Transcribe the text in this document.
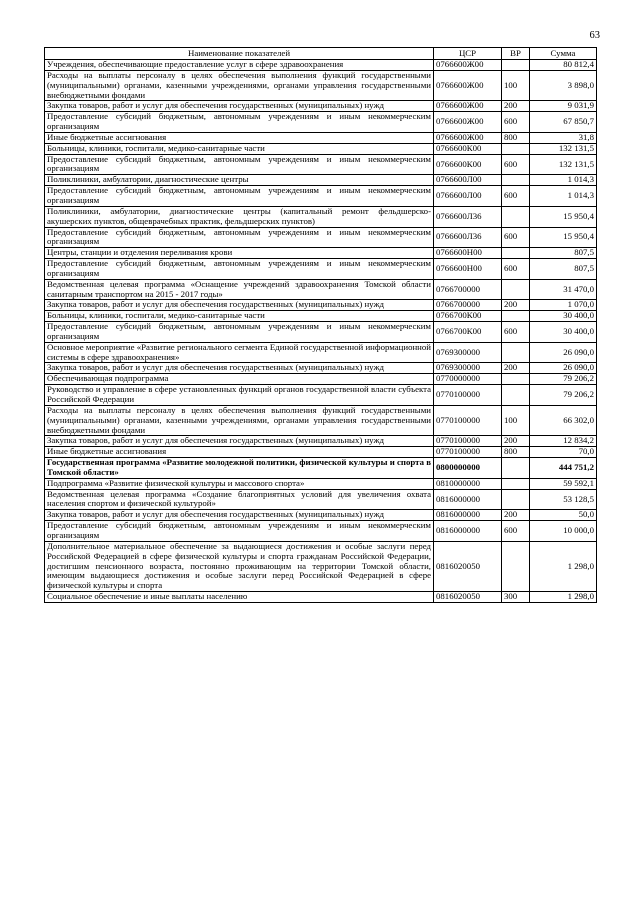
63
Наименование показателей	ЦСР	ВР	Сумма
Учреждения, обеспечивающие предоставление услуг в сфере здравоохранения	0766600Ж00		80 812,4
Расходы на выплаты персоналу в целях обеспечения выполнения функций государственными (муниципальными) органами, казенными учреждениями, органами управления государственными внебюджетными фондами	0766600Ж00	100	3 898,0
Закупка товаров, работ и услуг для обеспечения государственных (муниципальных) нужд	0766600Ж00	200	9 031,9
Предоставление субсидий бюджетным, автономным учреждениям и иным некоммерческим организациям	0766600Ж00	600	67 850,7
Иные бюджетные ассигнования	0766600Ж00	800	31,8
Больницы, клиники, госпитали, медико-санитарные части	0766600К00		132 131,5
Предоставление субсидий бюджетным, автономным учреждениям и иным некоммерческим организациям	0766600К00	600	132 131,5
Поликлиники, амбулатории, диагностические центры	0766600Л00		1 014,3
Предоставление субсидий бюджетным, автономным учреждениям и иным некоммерческим организациям	0766600Л00	600	1 014,3
Поликлиники, амбулатории, диагностические центры (капитальный ремонт фельдшерско-акушерских пунктов, общеврачебных практик, фельдшерских пунктов)	0766600Л36		15 950,4
Предоставление субсидий бюджетным, автономным учреждениям и иным некоммерческим организациям	0766600Л36	600	15 950,4
Центры, станции и отделения переливания крови	0766600Н00		807,5
Предоставление субсидий бюджетным, автономным учреждениям и иным некоммерческим организациям	0766600Н00	600	807,5
Ведомственная целевая программа «Оснащение учреждений здравоохранения Томской области санитарным транспортом на 2015 - 2017 годы»	0766700000		31 470,0
Закупка товаров, работ и услуг для обеспечения государственных (муниципальных) нужд	0766700000	200	1 070,0
Больницы, клиники, госпитали, медико-санитарные части	0766700К00		30 400,0
Предоставление субсидий бюджетным, автономным учреждениям и иным некоммерческим организациям	0766700К00	600	30 400,0
Основное мероприятие «Развитие регионального сегмента Единой государственной информационной системы в сфере здравоохранения»	0769300000		26 090,0
Закупка товаров, работ и услуг для обеспечения государственных (муниципальных) нужд	0769300000	200	26 090,0
Обеспечивающая подпрограмма	0770000000		79 206,2
Руководство и управление в сфере установленных функций органов государственной власти субъекта Российской Федерации	0770100000		79 206,2
Расходы на выплаты персоналу в целях обеспечения выполнения функций государственными (муниципальными) органами, казенными учреждениями, органами управления государственными внебюджетными фондами	0770100000	100	66 302,0
Закупка товаров, работ и услуг для обеспечения государственных (муниципальных) нужд	0770100000	200	12 834,2
Иные бюджетные ассигнования	0770100000	800	70,0
Государственная программа «Развитие молодежной политики, физической культуры и спорта в Томской области»	0800000000		444 751,2
Подпрограмма «Развитие физической культуры и массового спорта»	0810000000		59 592,1
Ведомственная целевая программа «Создание благоприятных условий для увеличения охвата населения спортом и физической культурой»	0816000000		53 128,5
Закупка товаров, работ и услуг для обеспечения государственных (муниципальных) нужд	0816000000	200	50,0
Предоставление субсидий бюджетным, автономным учреждениям и иным некоммерческим организациям	0816000000	600	10 000,0
Дополнительное материальное обеспечение за выдающиеся достижения и особые заслуги перед Российской Федерацией в сфере физической культуры и спорта гражданам Российской Федерации, достигшим пенсионного возраста, постоянно проживающим на территории Томской области, имеющим выдающиеся достижения и особые заслуги перед Российской Федерацией в сфере физической культуры и спорта	0816020050		1 298,0
Социальное обеспечение и иные выплаты населению	0816020050	300	1 298,0
